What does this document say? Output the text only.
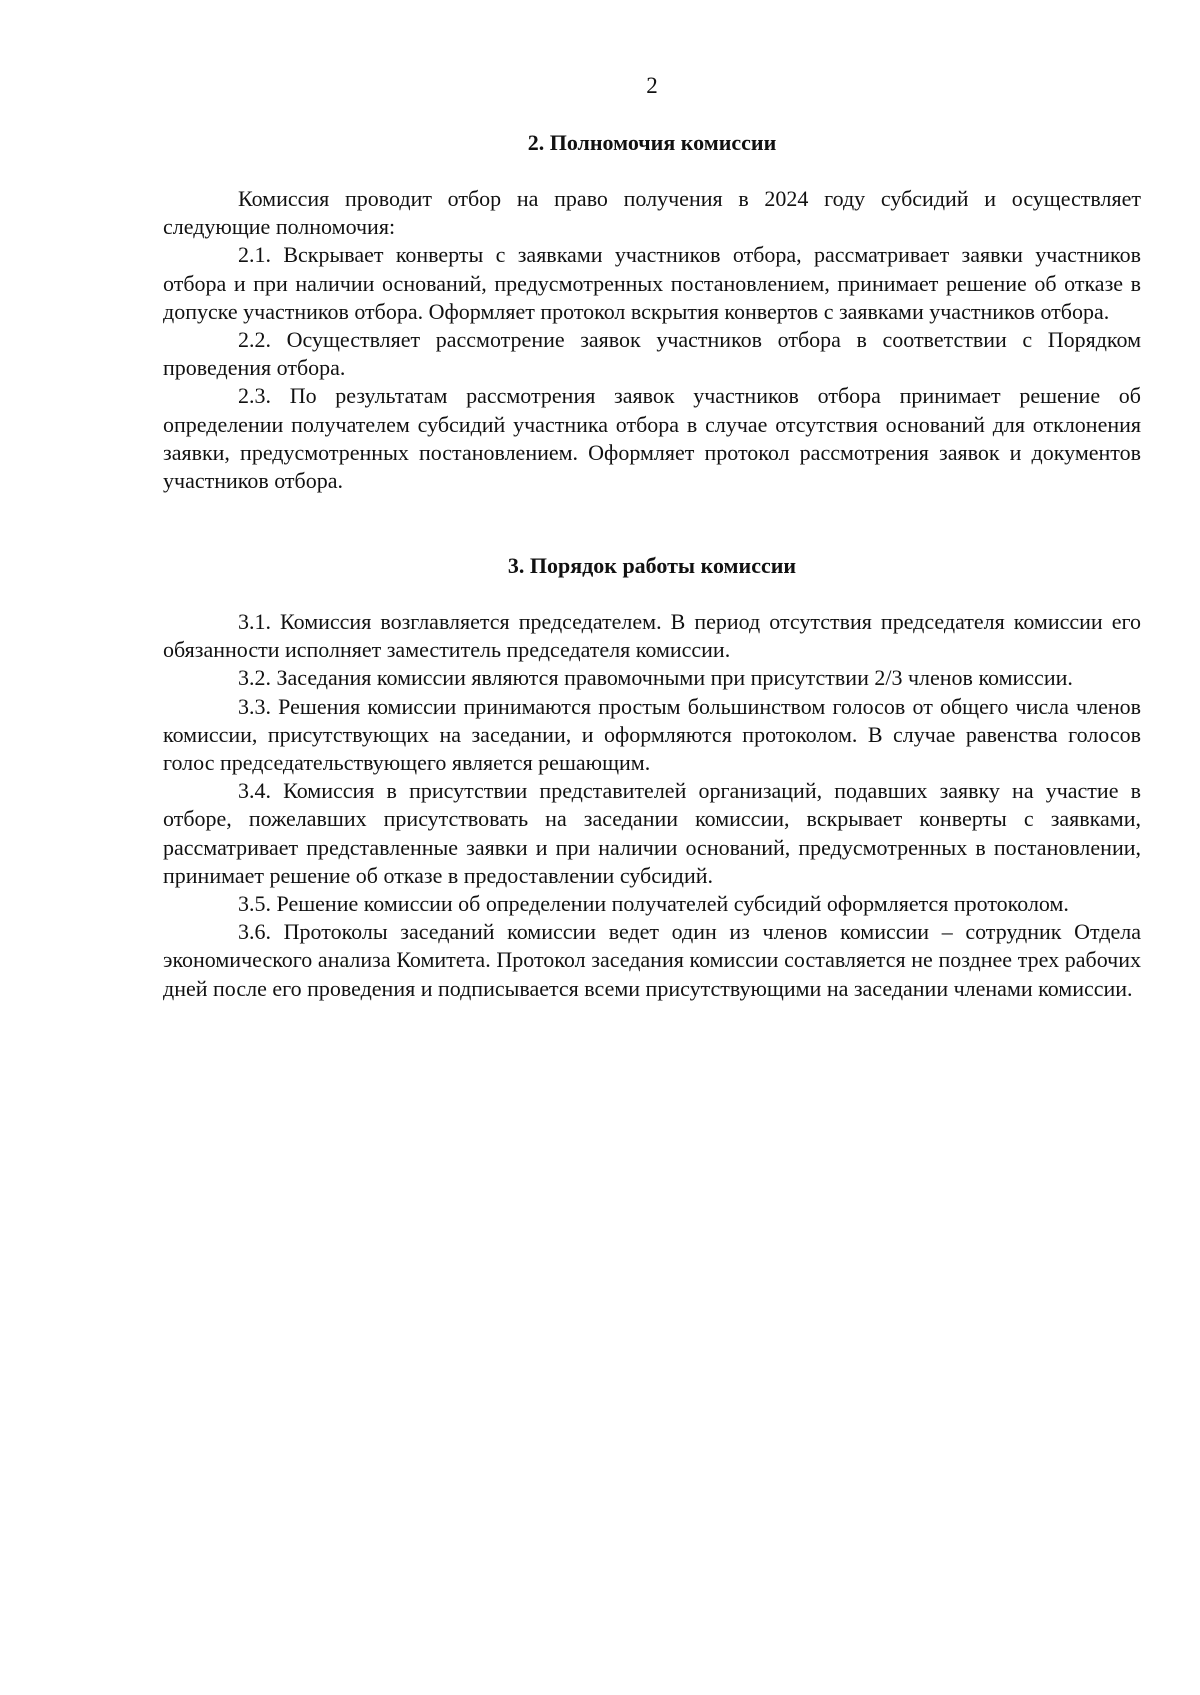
2
2. Полномочия комиссии

Комиссия проводит отбор на право получения в 2024 году субсидий и осуществляет следующие полномочия:

2.1. Вскрывает конверты с заявками участников отбора, рассматривает заявки участников отбора и при наличии оснований, предусмотренных постановлением, принимает решение об отказе в допуске участников отбора. Оформляет протокол вскрытия конвертов с заявками участников отбора.

2.2. Осуществляет рассмотрение заявок участников отбора в соответствии с Порядком проведения отбора.

2.3. По результатам рассмотрения заявок участников отбора принимает решение об определении получателем субсидий участника отбора в случае отсутствия оснований для отклонения заявки, предусмотренных постановлением. Оформляет протокол рассмотрения заявок и документов участников отбора.

3. Порядок работы комиссии

3.1. Комиссия возглавляется председателем. В период отсутствия председателя комиссии его обязанности исполняет заместитель председателя комиссии.

3.2. Заседания комиссии являются правомочными при присутствии 2/3 членов комиссии.

3.3. Решения комиссии принимаются простым большинством голосов от общего числа членов комиссии, присутствующих на заседании, и оформляются протоколом. В случае равенства голосов голос председательствующего является решающим.

3.4. Комиссия в присутствии представителей организаций, подавших заявку на участие в отборе, пожелавших присутствовать на заседании комиссии, вскрывает конверты с заявками, рассматривает представленные заявки и при наличии оснований, предусмотренных в постановлении, принимает решение об отказе в предоставлении субсидий.

3.5. Решение комиссии об определении получателей субсидий оформляется протоколом.

3.6. Протоколы заседаний комиссии ведет один из членов комиссии – сотрудник Отдела экономического анализа Комитета. Протокол заседания комиссии составляется не позднее трех рабочих дней после его проведения и подписывается всеми присутствующими на заседании членами комиссии.
